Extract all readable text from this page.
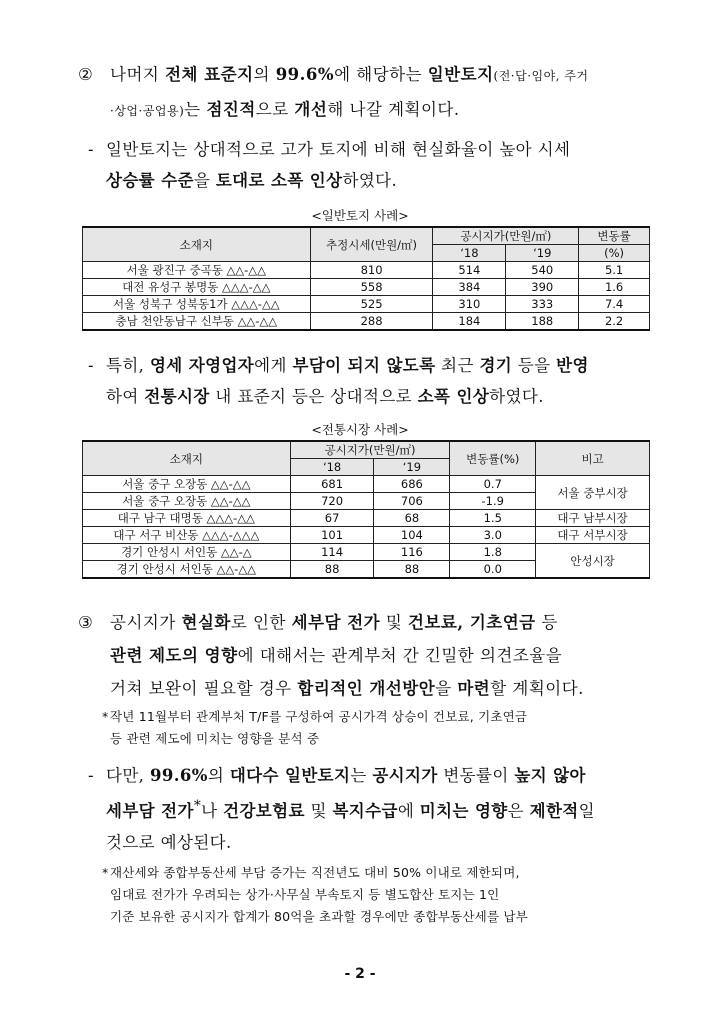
②	나머지 전체 표준지의 99.6%에 해당하는 일반토지(전·답·임야, 주거
·상업·공업용)는 점진적으로 개선해 나갈 계획이다.
- 일반토지는 상대적으로 고가 토지에 비해 현실화율이 높아 시세
상승률 수준을 토대로 소폭 인상하였다.
<일반토지 사례>
소재지	추정시세(만원/㎡)	공시지가(만원/㎡)		변동률
		‘18	‘19	(%)
서울 광진구 중곡동 △△-△△	810	514	540	5.1
대전 유성구 봉명동 △△△-△△	558	384	390	1.6
서울 성북구 성북동1가 △△△-△△	525	310	333	7.4
충남 천안동남구 신부동 △△-△△	288	184	188	2.2
- 특히, 영세 자영업자에게 부담이 되지 않도록 최근 경기 등을 반영
하여 전통시장 내 표준지 등은 상대적으로 소폭 인상하였다.
<전통시장 사례>
소재지	공시지가(만원/㎡)		변동률(%)	비고
	‘18	‘19		
서울 중구 오장동 △△-△△	681	686	0.7	서울 중부시장
서울 중구 오장동 △△-△△	720	706	-1.9	
대구 남구 대명동 △△△-△△	67	68	1.5	대구 남부시장
대구 서구 비산동 △△△-△△△	101	104	3.0	대구 서부시장
경기 안성시 서인동 △△-△	114	116	1.8	안성시장
경기 안성시 서인동 △△-△△	88	88	0.0	
③	공시지가 현실화로 인한 세부담 전가 및 건보료, 기초연금 등
관련 제도의 영향에 대해서는 관계부처 간 긴밀한 의견조율을
거쳐 보완이 필요할 경우 합리적인 개선방안을 마련할 계획이다.
* 작년 11월부터 관계부처 T/F를 구성하여 공시가격 상승이 건보료, 기초연금
등 관련 제도에 미치는 영향을 분석 중
- 다만, 99.6%의 대다수 일반토지는 공시지가 변동률이 높지 않아
세부담 전가*나 건강보험료 및 복지수급에 미치는 영향은 제한적일
것으로 예상된다.
* 재산세와 종합부동산세 부담 증가는 직전년도 대비 50% 이내로 제한되며,
임대료 전가가 우려되는 상가·사무실 부속토지 등 별도합산 토지는 1인
기준 보유한 공시지가 합계가 80억을 초과할 경우에만 종합부동산세를 납부
- 2 -
